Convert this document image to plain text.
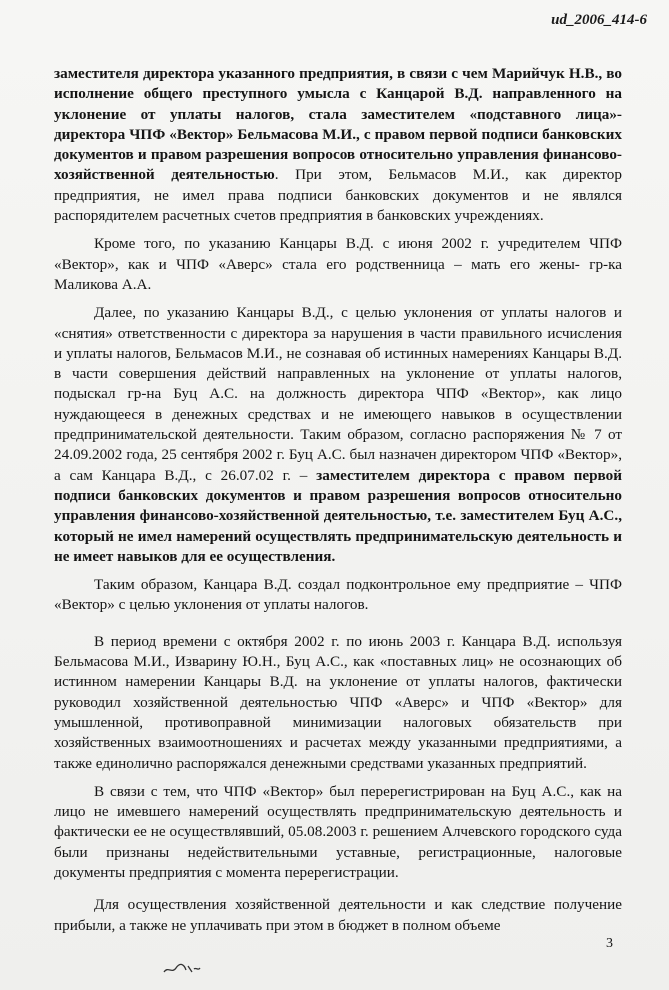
ud_2006_414-6

заместителя директора указанного предприятия, в связи с чем Марийчук Н.В., во исполнение общего преступного умысла с Канцарой В.Д. направленного на уклонение от уплаты налогов, стала заместителем «подставного лица»- директора ЧПФ «Вектор» Бельмасова М.И., с правом первой подписи банковских документов и правом разрешения вопросов относительно управления финансово-хозяйственной деятельностью. При этом, Бельмасов М.И., как директор предприятия, не имел права подписи банковских документов и не являлся распорядителем расчетных счетов предприятия в банковских учреждениях.

Кроме того, по указанию Канцары В.Д. с июня 2002 г. учредителем ЧПФ «Вектор», как и ЧПФ «Аверс» стала его родственница – мать его жены- гр-ка Маликова А.А.

Далее, по указанию Канцары В.Д., с целью уклонения от уплаты налогов и «снятия» ответственности с директора за нарушения в части правильного исчисления и уплаты налогов, Бельмасов М.И., не сознавая об истинных намерениях Канцары В.Д. в части совершения действий направленных на уклонение от уплаты налогов, подыскал гр-на Буц А.С. на должность директора ЧПФ «Вектор», как лицо нуждающееся в денежных средствах и не имеющего навыков в осуществлении предпринимательской деятельности. Таким образом, согласно распоряжения № 7 от 24.09.2002 года, 25 сентября 2002 г. Буц А.С. был назначен директором ЧПФ «Вектор», а сам Канцара В.Д., с 26.07.02 г. – заместителем директора с правом первой подписи банковских документов и правом разрешения вопросов относительно управления финансово-хозяйственной деятельностью, т.е. заместителем Буц А.С., который не имел намерений осуществлять предпринимательскую деятельность и не имеет навыков для ее осуществления.

Таким образом, Канцара В.Д. создал подконтрольное ему предприятие – ЧПФ «Вектор» с целью уклонения от уплаты налогов.

В период времени с октября 2002 г. по июнь 2003 г. Канцара В.Д. используя Бельмасова М.И., Изварину Ю.Н., Буц А.С., как «поставных лиц» не осознающих об истинном намерении Канцары В.Д. на уклонение от уплаты налогов, фактически руководил хозяйственной деятельностью ЧПФ «Аверс» и ЧПФ «Вектор» для умышленной, противоправной минимизации налоговых обязательств при хозяйственных взаимоотношениях и расчетах между указанными предприятиями, а также единолично распоряжался денежными средствами указанных предприятий.

В связи с тем, что ЧПФ «Вектор» был перерегистрирован на Буц А.С., как на лицо не имевшего намерений осуществлять предпринимательскую деятельность и фактически ее не осуществлявший, 05.08.2003 г. решением Алчевского городского суда были признаны недействительными уставные, регистрационные, налоговые документы предприятия с момента перерегистрации.

Для осуществления хозяйственной деятельности и как следствие получение прибыли, а также не уплачивать при этом в бюджет в полном объеме

3
